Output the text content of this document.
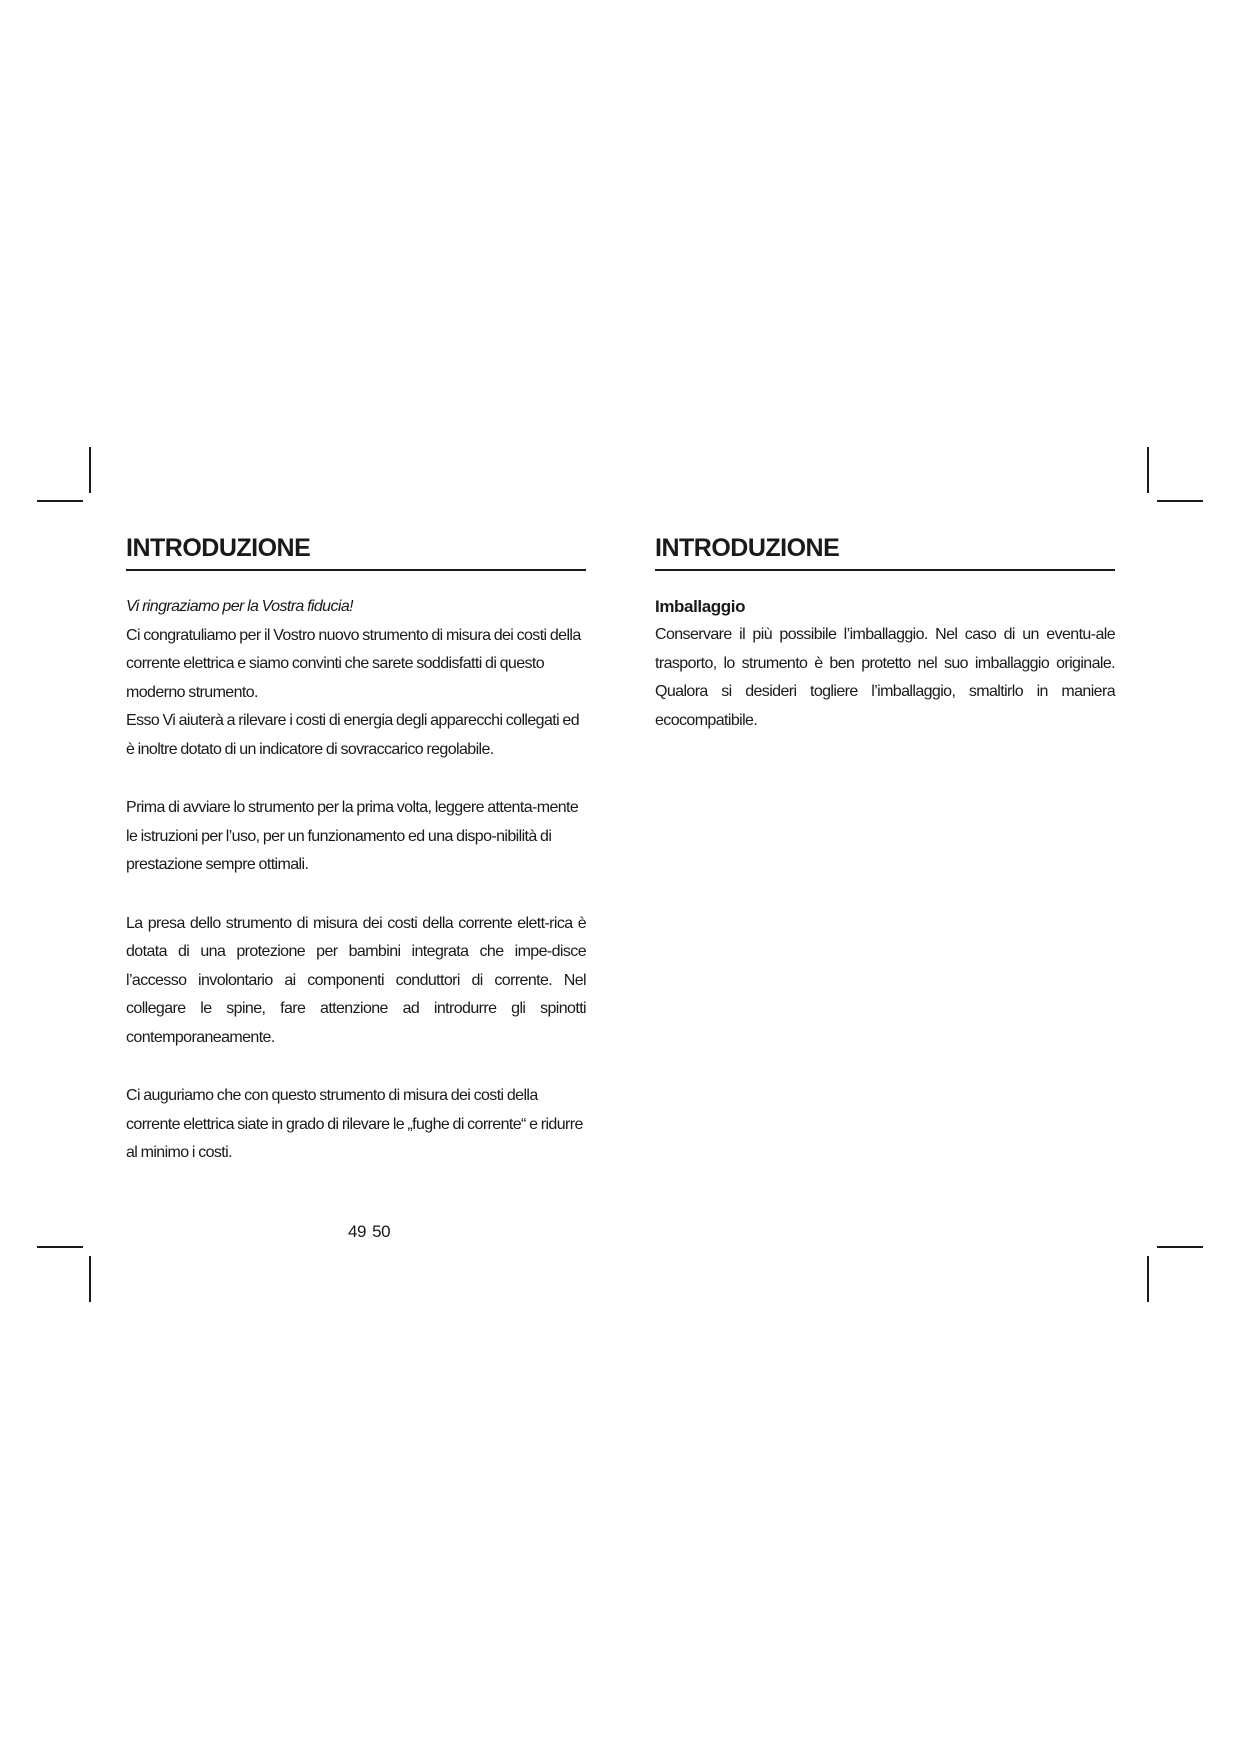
INTRODUZIONE

Vi ringraziamo per la Vostra fiducia!

Ci congratuliamo per il Vostro nuovo strumento di misura dei costi della corrente elettrica e siamo convinti che sarete soddisfatti di questo moderno strumento.

Esso Vi aiuterà a rilevare i costi di energia degli apparecchi collegati ed è inoltre dotato di un indicatore di sovraccarico regolabile.

Prima di avviare lo strumento per la prima volta, leggere attenta-mente le istruzioni per l’uso, per un funzionamento ed una dispo-nibilità di prestazione sempre ottimali.

La presa dello strumento di misura dei costi della corrente elett-rica è dotata di una protezione per bambini integrata che impe-disce l’accesso involontario ai componenti conduttori di corrente. Nel collegare le spine, fare attenzione ad introdurre gli spinotti contemporaneamente.

Ci auguriamo che con questo strumento di misura dei costi della corrente elettrica siate in grado di rilevare le „fughe di corrente“ e ridurre al minimo i costi.

INTRODUZIONE
Imballaggio

Conservare il più possibile l’imballaggio. Nel caso di un eventu-ale trasporto, lo strumento è ben protetto nel suo imballaggio originale. Qualora si desideri togliere l’imballaggio, smaltirlo in maniera ecocompatibile.

49 50
